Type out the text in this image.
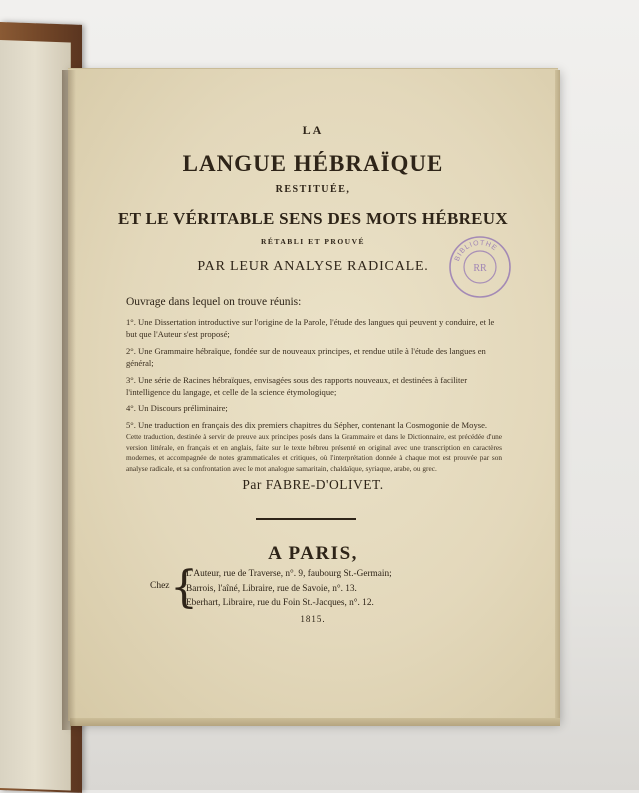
LA

LANGUE HÉBRAÏQUE

RESTITUÉE,

ET LE VÉRITABLE SENS DES MOTS HÉBREUX

RÉTABLI ET PROUVÉ

PAR LEUR ANALYSE RADICALE.

Ouvrage dans lequel on trouve réunis:

1°. Une Dissertation introductive sur l'origine de la Parole, l'étude des langues qui peuvent y conduire, et le but que l'Auteur s'est proposé;

2°. Une Grammaire hébraïque, fondée sur de nouveaux principes, et rendue utile à l'étude des langues en général;

3°. Une série de Racines hébraïques, envisagées sous des rapports nouveaux, et destinées à faciliter l'intelligence du langage, et celle de la science étymologique;

4°. Un Discours préliminaire;

5°. Une traduction en français des dix premiers chapitres du Sépher, contenant la Cosmogonie de Moyse.

Cette traduction, destinée à servir de preuve aux principes posés dans la Grammaire et dans le Dictionnaire, est précédée d'une version littérale, en français et en anglais, faite sur le texte hébreu présenté en original avec une transcription en caractères modernes, et accompagnée de notes grammaticales et critiques, où l'interprétation donnée à chaque mot est prouvée par son analyse radicale, et sa confrontation avec le mot analogue samaritain, chaldaïque, syriaque, arabe, ou grec.

Par FABRE-D'OLIVET.

A PARIS,

Chez {
L'Auteur, rue de Traverse, n°. 9, faubourg St.-Germain;
Barrois, l'aîné, Libraire, rue de Savoie, n°. 13.
Eberhart, Libraire, rue du Foin St.-Jacques, n°. 12.

1815.

BIBLIOTHE
RR
